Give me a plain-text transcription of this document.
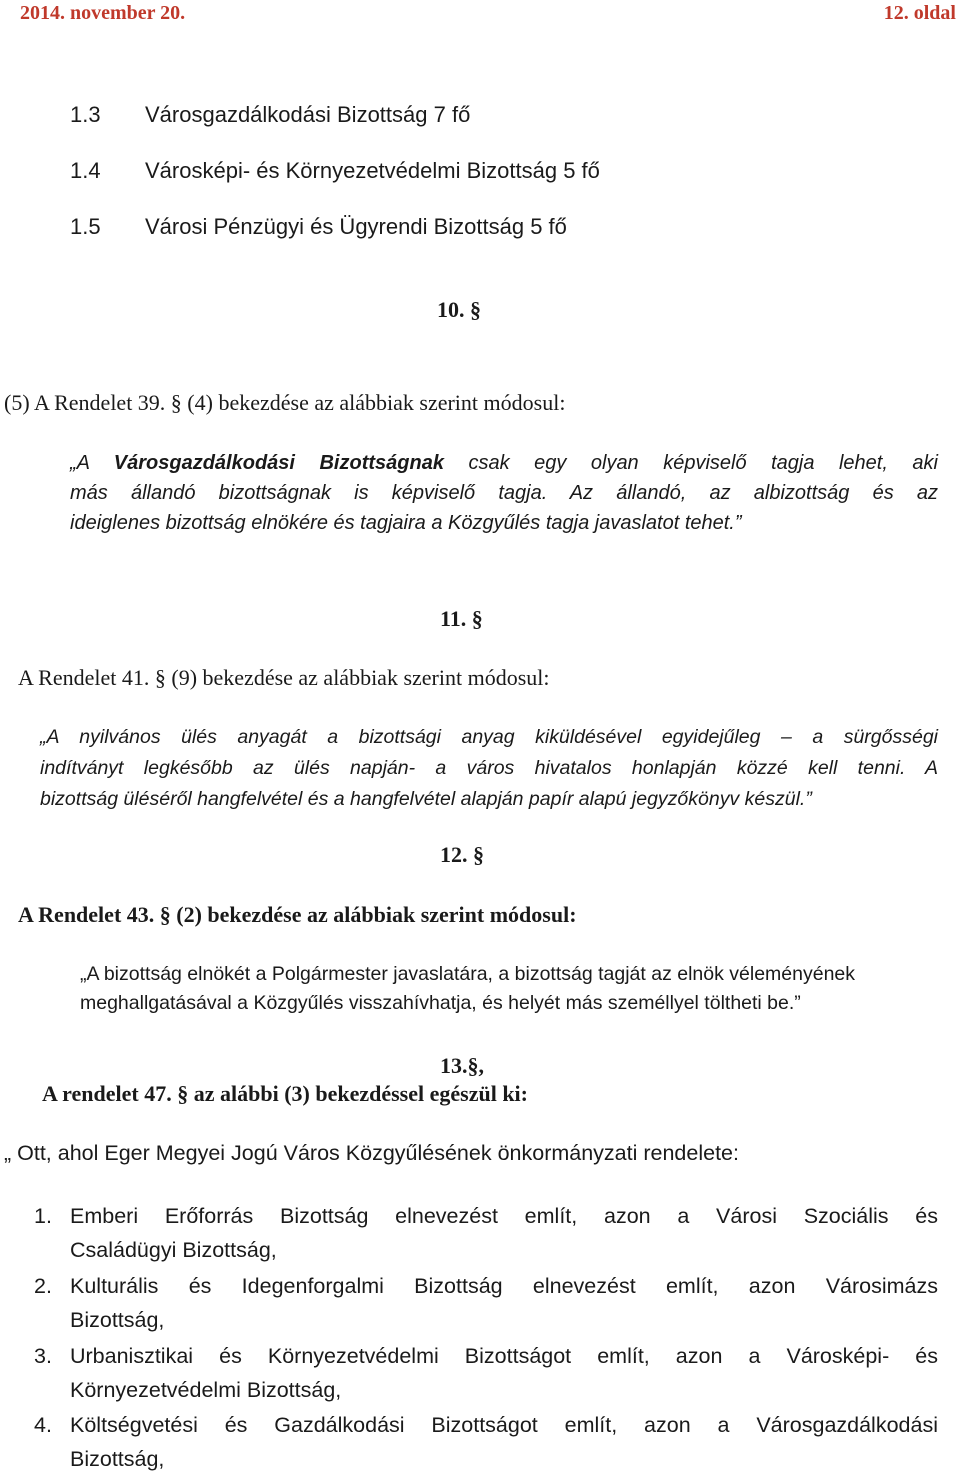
2014. november 20.	12. oldal
1.3 Városgazdálkodási Bizottság 7 fő
1.4 Városképi- és Környezetvédelmi Bizottság 5 fő
1.5 Városi Pénzügyi és Ügyrendi Bizottság 5 fő
10. §
(5) A Rendelet 39. § (4) bekezdése az alábbiak szerint módosul:
„A Városgazdálkodási Bizottságnak csak egy olyan képviselő tagja lehet, aki
más állandó bizottságnak is képviselő tagja. Az állandó, az albizottság és az
ideiglenes bizottság elnökére és tagjaira a Közgyűlés tagja javaslatot tehet.”
11. §
A Rendelet 41. § (9) bekezdése az alábbiak szerint módosul:
„A nyilvános ülés anyagát a bizottsági anyag kiküldésével egyidejűleg – a sürgősségi
indítványt legkésőbb az ülés napján- a város hivatalos honlapján közzé kell tenni. A
bizottság üléséről hangfelvétel és a hangfelvétel alapján papír alapú jegyzőkönyv készül.”
12. §
A Rendelet 43. § (2) bekezdése az alábbiak szerint módosul:
„A bizottság elnökét a Polgármester javaslatára, a bizottság tagját az elnök véleményének
meghallgatásával a Közgyűlés visszahívhatja, és helyét más személlyel töltheti be.”
13.§,
A rendelet 47. § az alábbi (3) bekezdéssel egészül ki:
„ Ott, ahol Eger Megyei Jogú Város Közgyűlésének önkormányzati rendelete:
1. Emberi Erőforrás Bizottság elnevezést említ, azon a Városi Szociális és
Családügyi Bizottság,
2. Kulturális és Idegenforgalmi Bizottság elnevezést említ, azon Városimázs
Bizottság,
3. Urbanisztikai és Környezetvédelmi Bizottságot említ, azon a Városképi- és
Környezetvédelmi Bizottság,
4. Költségvetési és Gazdálkodási Bizottságot említ, azon a Városgazdálkodási
Bizottság,
